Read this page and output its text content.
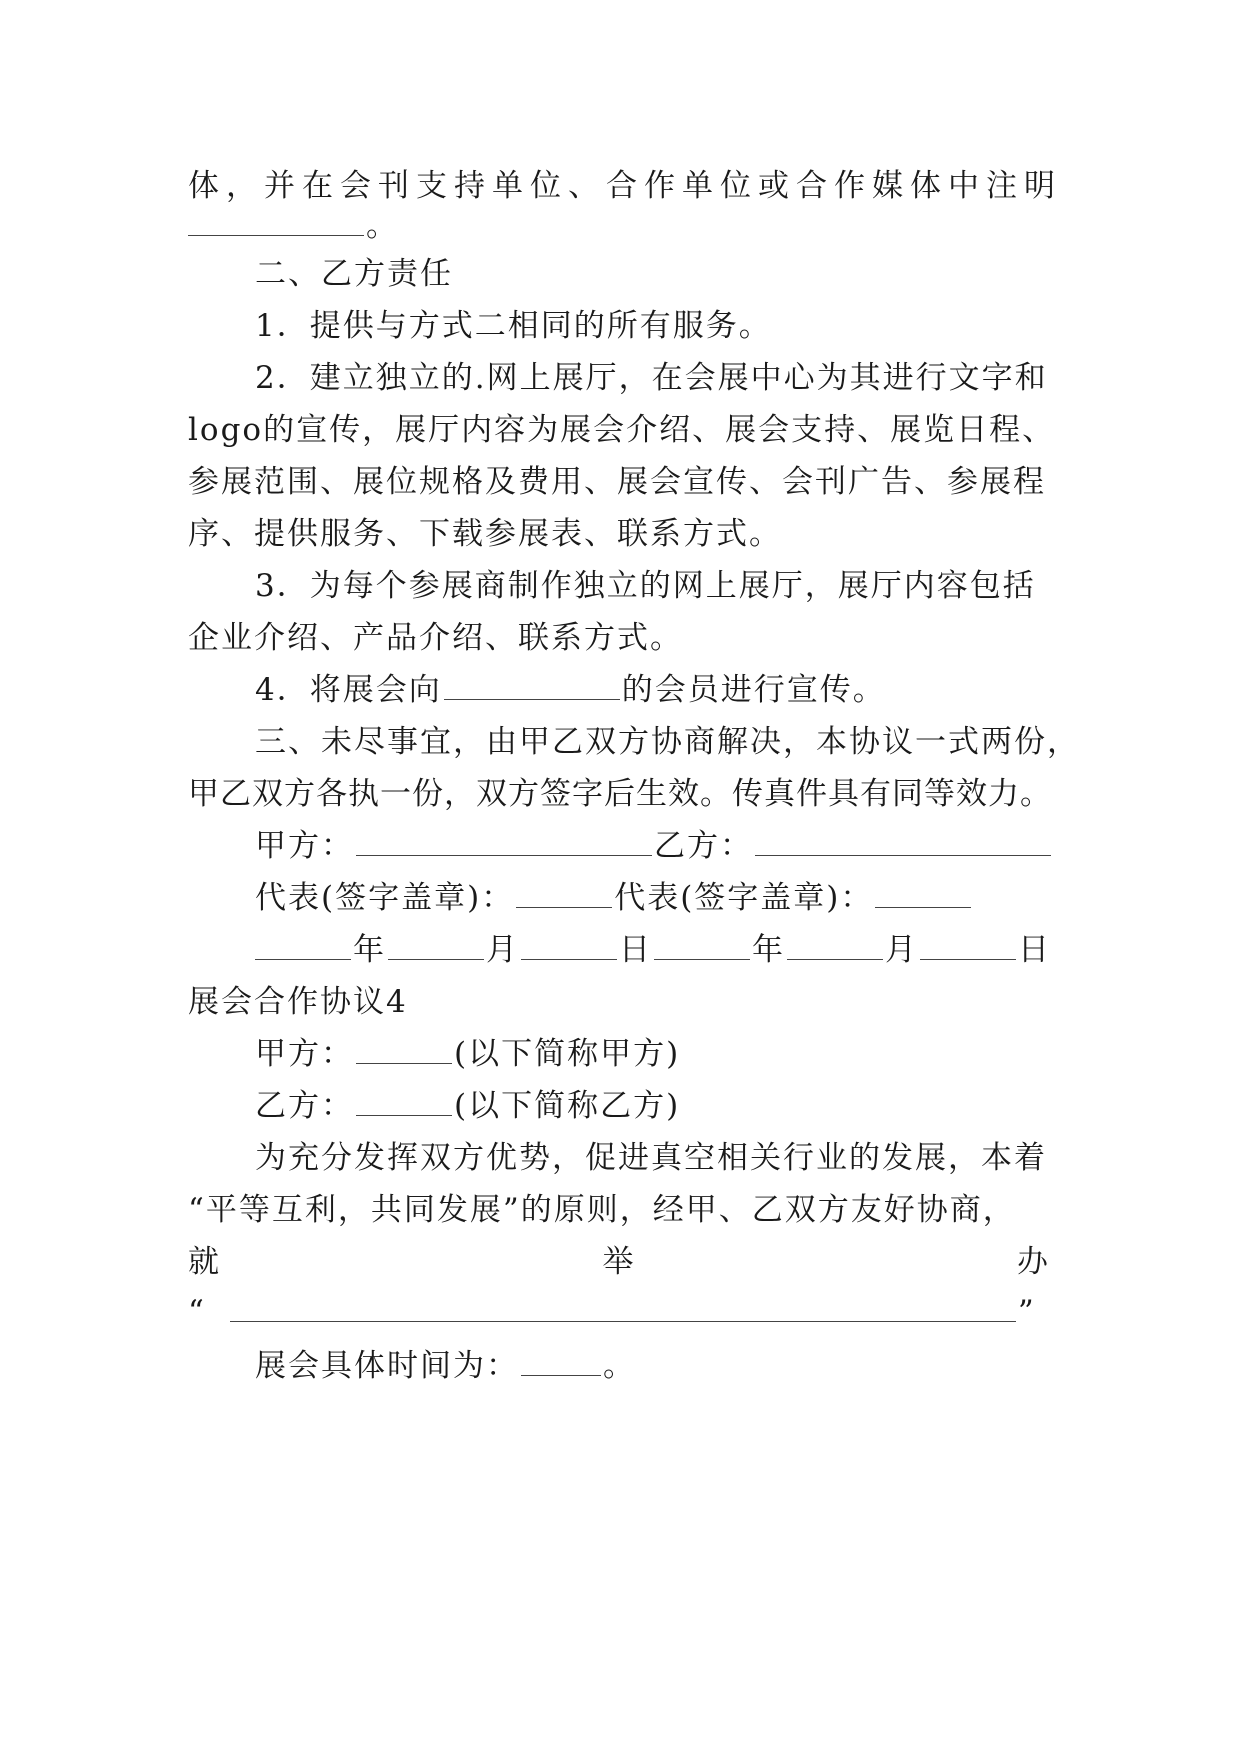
体，并在会刊支持单位、合作单位或合作媒体中注明
。
二、乙方责任
1．提供与方式二相同的所有服务。
2．建立独立的.网上展厅，在会展中心为其进行文字和
logo的宣传，展厅内容为展会介绍、展会支持、展览日程、
参展范围、展位规格及费用、展会宣传、会刊广告、参展程
序、提供服务、下载参展表、联系方式。
3．为每个参展商制作独立的网上展厅，展厅内容包括
企业介绍、产品介绍、联系方式。
4．将展会向	的会员进行宣传。
三、未尽事宜，由甲乙双方协商解决，本协议一式两份，
甲乙双方各执一份，双方签字后生效。传真件具有同等效力。
甲方：	乙方：
代表(签字盖章)：	代表(签字盖章)：
年	月	日	年	月	日
展会合作协议4
甲方：	(以下简称甲方)
乙方：	(以下简称乙方)
为充分发挥双方优势，促进真空相关行业的发展，本着
“平等互利，共同发展”的原则，经甲、乙双方友好协商，
就	举	办
“	”
展会具体时间为：	。
